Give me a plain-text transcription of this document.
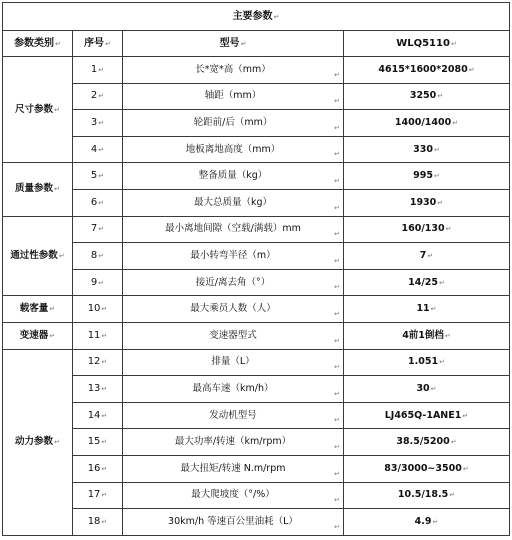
主要参数↵			
参数类别↵	序号↵	型号↵	WLQ5110↵
尺寸参数↵	1↵	长*宽*高（mm） ↵	4615*1600*2080↵
	2↵	轴距（mm） ↵	3250↵
	3↵	轮距前/后（mm） ↵	1400/1400↵
	4↵	地板离地高度（mm） ↵	330↵
质量参数↵	5↵	整备质量（kg） ↵	995↵
	6↵	最大总质量（kg） ↵	1930↵
通过性参数↵	7↵	最小离地间隙（空载/满载）mm ↵	160/130↵
	8↵	最小转弯半径（m） ↵	7↵
	9↵	接近/离去角（°） ↵	14/25↵
载客量↵	10↵	最大乘员人数（人） ↵	11↵
变速器↵	11↵	变速器型式 ↵	4前1倒档↵
动力参数↵	12↵	排量（L） ↵	1.051↵
	13↵	最高车速（km/h） ↵	30↵
	14↵	发动机型号 ↵	LJ465Q-1ANE1↵
	15↵	最大功率/转速（km/rpm） ↵	38.5/5200↵
	16↵	最大扭矩/转速 N.m/rpm ↵	83/3000~3500↵
	17↵	最大爬坡度（°/%） ↵	10.5/18.5↵
	18↵	30km/h 等速百公里油耗（L） ↵	4.9↵
